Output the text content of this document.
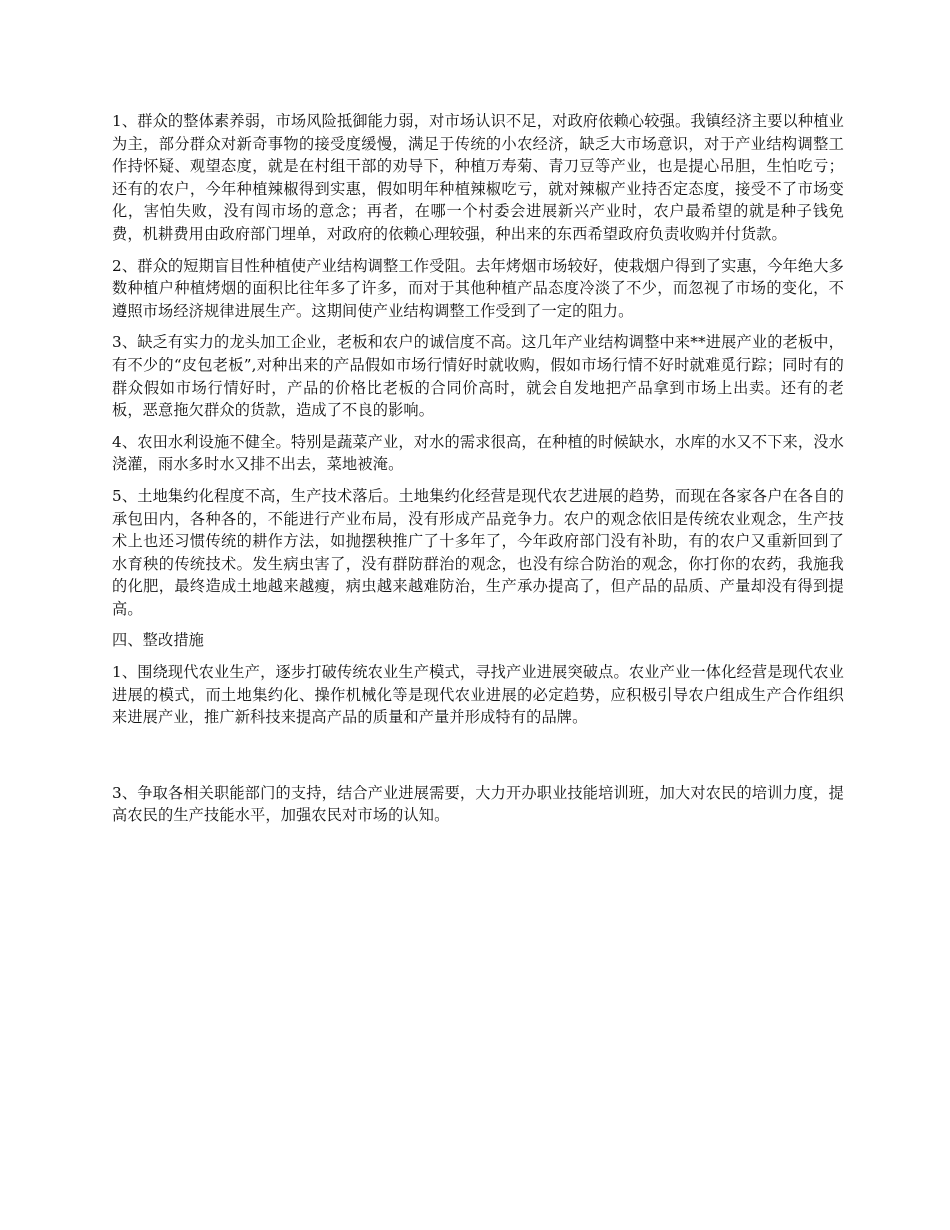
1、群众的整体素养弱，市场风险抵御能力弱，对市场认识不足，对政府依赖心较强。我镇经济主要以种植业为主，部分群众对新奇事物的接受度缓慢，满足于传统的小农经济，缺乏大市场意识，对于产业结构调整工作持怀疑、观望态度，就是在村组干部的劝导下，种植万寿菊、青刀豆等产业，也是提心吊胆，生怕吃亏；还有的农户，今年种植辣椒得到实惠，假如明年种植辣椒吃亏，就对辣椒产业持否定态度，接受不了市场变化，害怕失败，没有闯市场的意念；再者，在哪一个村委会进展新兴产业时，农户最希望的就是种子钱免费，机耕费用由政府部门埋单，对政府的依赖心理较强，种出来的东西希望政府负责收购并付货款。

2、群众的短期盲目性种植使产业结构调整工作受阻。去年烤烟市场较好，使栽烟户得到了实惠，今年绝大多数种植户种植烤烟的面积比往年多了许多，而对于其他种植产品态度冷淡了不少，而忽视了市场的变化，不遵照市场经济规律进展生产。这期间使产业结构调整工作受到了一定的阻力。

3、缺乏有实力的龙头加工企业，老板和农户的诚信度不高。这几年产业结构调整中来**进展产业的老板中，有不少的“皮包老板”,对种出来的产品假如市场行情好时就收购，假如市场行情不好时就难觅行踪；同时有的群众假如市场行情好时，产品的价格比老板的合同价高时，就会自发地把产品拿到市场上出卖。还有的老板，恶意拖欠群众的货款，造成了不良的影响。

4、农田水利设施不健全。特别是蔬菜产业，对水的需求很高，在种植的时候缺水，水库的水又不下来，没水浇灌，雨水多时水又排不出去，菜地被淹。

5、土地集约化程度不高，生产技术落后。土地集约化经营是现代农艺进展的趋势，而现在各家各户在各自的承包田内，各种各的，不能进行产业布局，没有形成产品竞争力。农户的观念依旧是传统农业观念，生产技术上也还习惯传统的耕作方法，如抛摆秧推广了十多年了，今年政府部门没有补助，有的农户又重新回到了水育秧的传统技术。发生病虫害了，没有群防群治的观念，也没有综合防治的观念，你打你的农药，我施我的化肥，最终造成土地越来越瘦，病虫越来越难防治，生产承办提高了，但产品的品质、产量却没有得到提高。

四、整改措施

1、围绕现代农业生产，逐步打破传统农业生产模式，寻找产业进展突破点。农业产业一体化经营是现代农业进展的模式，而土地集约化、操作机械化等是现代农业进展的必定趋势，应积极引导农户组成生产合作组织来进展产业，推广新科技来提高产品的质量和产量并形成特有的品牌。

3、争取各相关职能部门的支持，结合产业进展需要，大力开办职业技能培训班，加大对农民的培训力度，提高农民的生产技能水平，加强农民对市场的认知。
